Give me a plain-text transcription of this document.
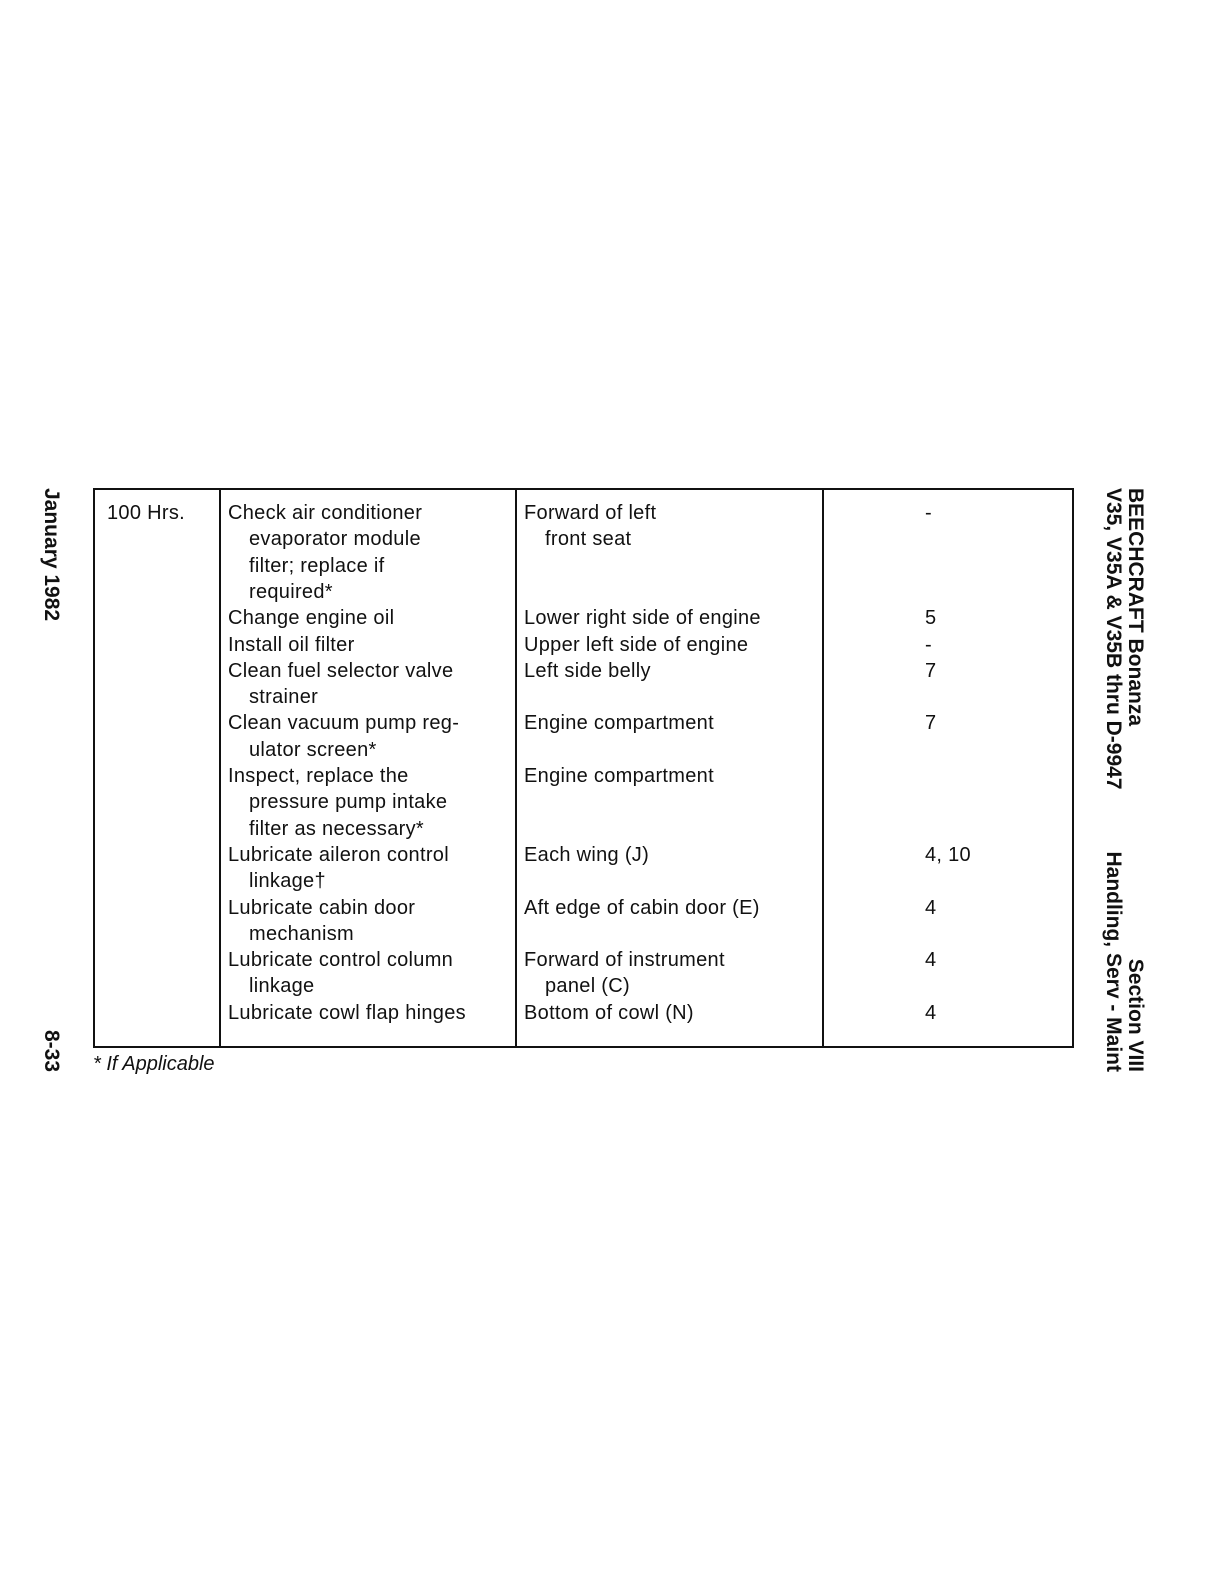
January 1982
8-33
BEECHCRAFT Bonanza
Section VIII
V35, V35A & V35B thru D-9947
Handling, Serv - Maint
100 Hrs. Check air conditioner
evaporator module
filter; replace if
required*
Change engine oil
Install oil filter
Clean fuel selector valve
strainer
Clean vacuum pump reg-
ulator screen*
Inspect, replace the
pressure pump intake
filter as necessary*
Lubricate aileron control
linkage†
Lubricate cabin door
mechanism
Lubricate control column
linkage
Lubricate cowl flap hinges
Forward of left
front seat
Lower right side of engine
Upper left side of engine
Left side belly
Engine compartment
Engine compartment
Each wing (J)
Aft edge of cabin door (E)
Forward of instrument
panel (C)
Bottom of cowl (N)
-
5
-
7
7
4, 10
4
4
4
* If Applicable
